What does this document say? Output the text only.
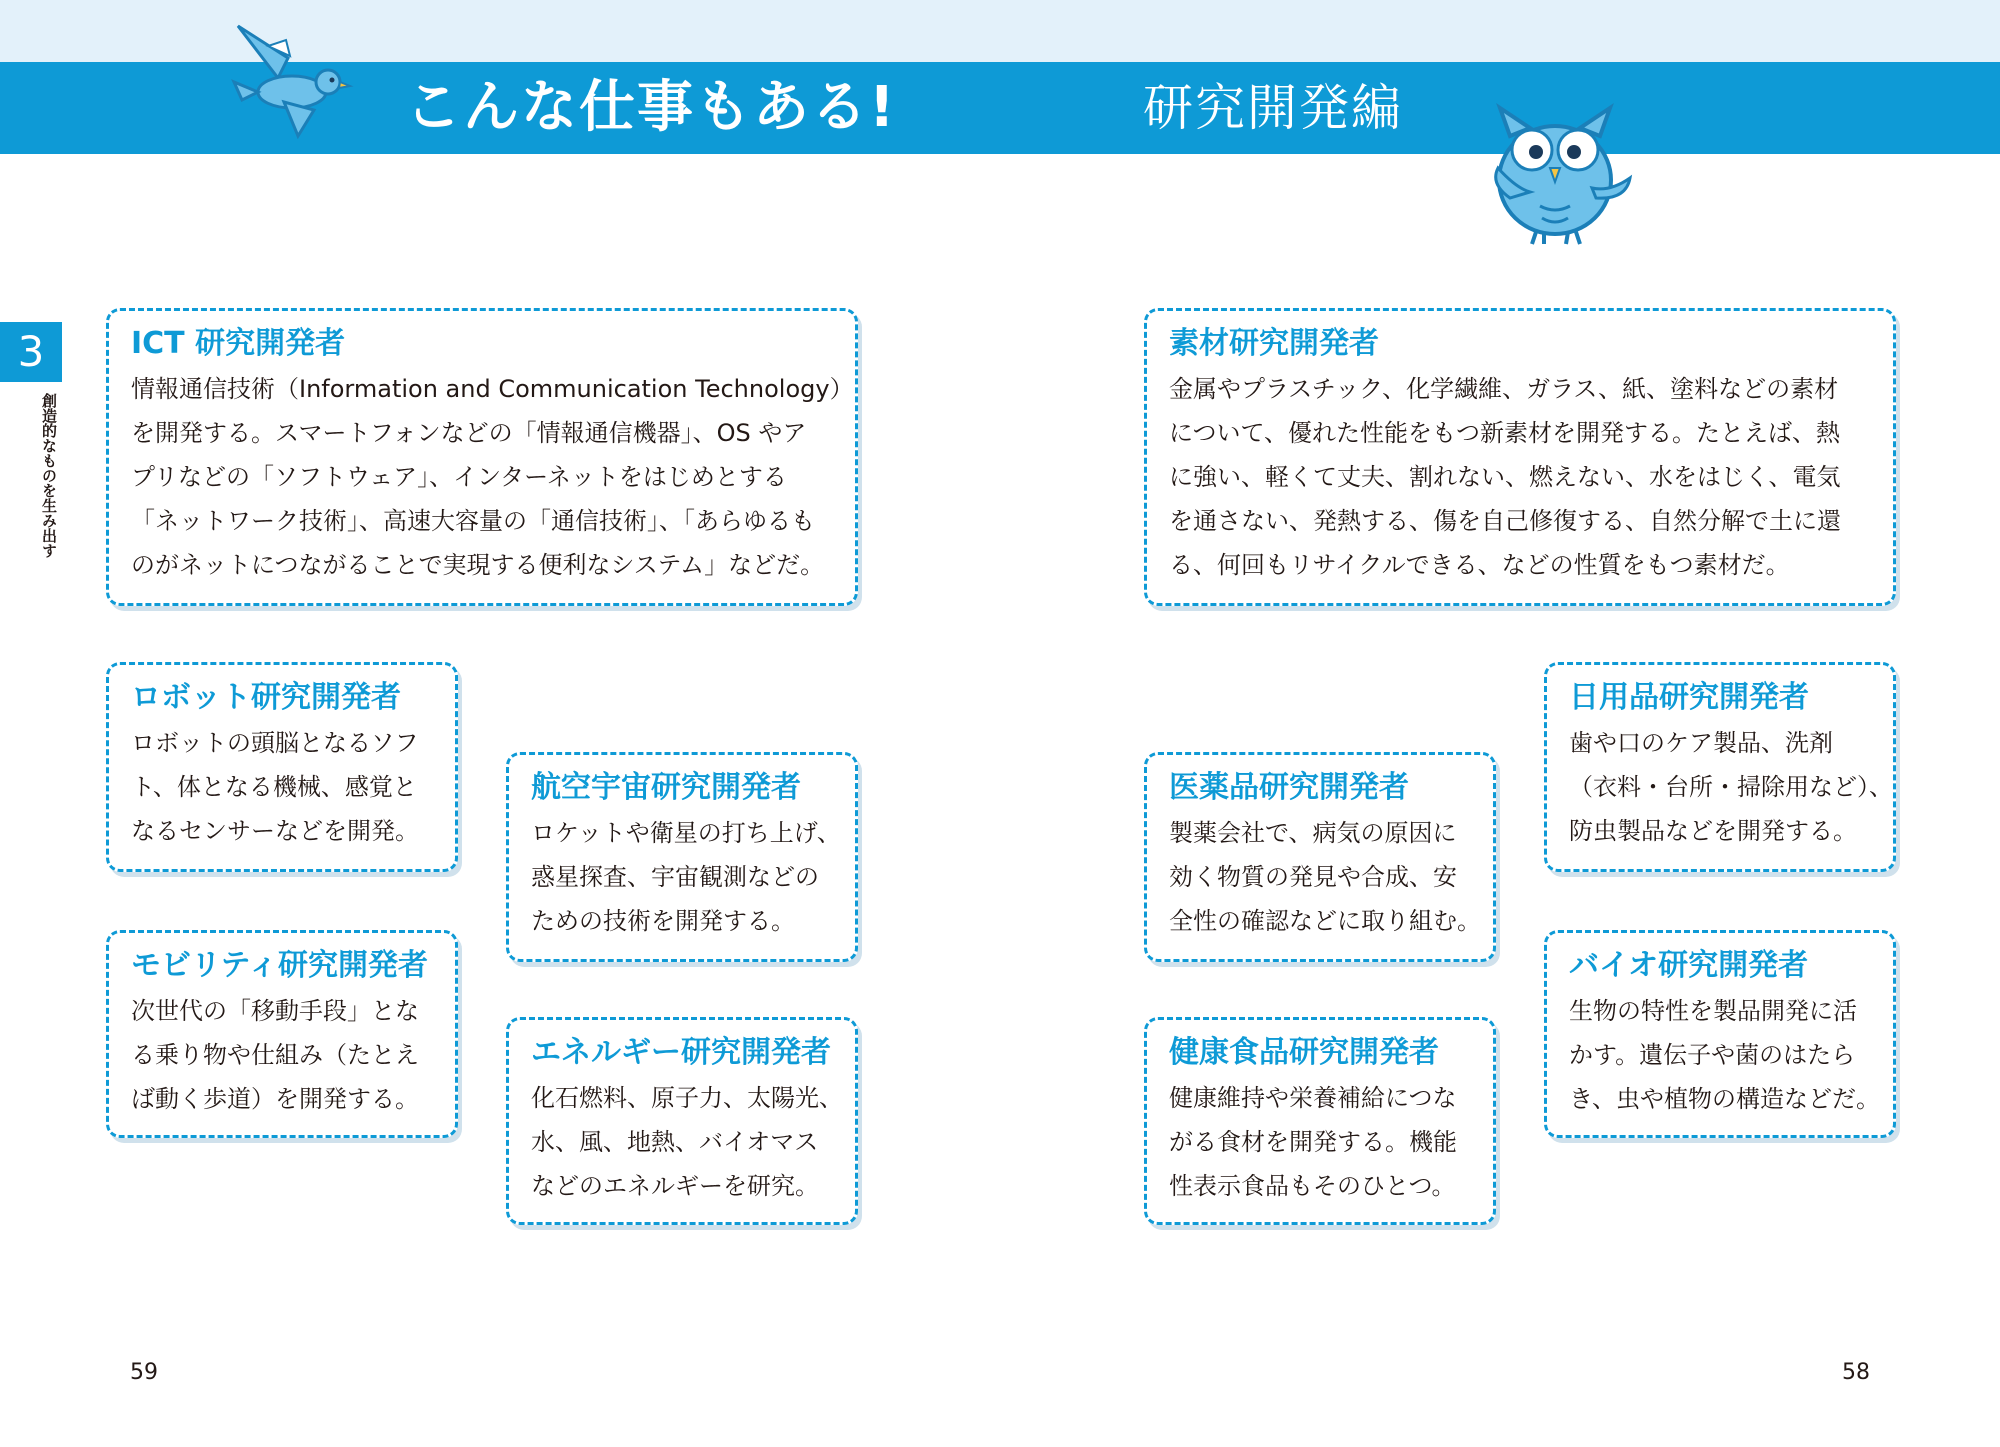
こんな仕事もある!	研究開発編
3
創造的なものを生み出す
ICT 研究開発者

情報通信技術（Information and Communication Technology）
を開発する。スマートフォンなどの「情報通信機器」、OS やア
プリなどの「ソフトウェア」、インターネットをはじめとする
「ネットワーク技術」、高速大容量の「通信技術」、「あらゆるも
のがネットにつながることで実現する便利なシステム」などだ。

ロボット研究開発者

ロボットの頭脳となるソフ
ト、体となる機械、感覚と
なるセンサーなどを開発。

航空宇宙研究開発者

ロケットや衛星の打ち上げ、
惑星探査、宇宙観測などの
ための技術を開発する。

モビリティ研究開発者

次世代の「移動手段」とな
る乗り物や仕組み（たとえ
ば動く歩道）を開発する。

エネルギー研究開発者

化石燃料、原子力、太陽光、
水、風、地熱、バイオマス
などのエネルギーを研究。

素材研究開発者

金属やプラスチック、化学繊維、ガラス、紙、塗料などの素材
について、優れた性能をもつ新素材を開発する。たとえば、熱
に強い、軽くて丈夫、割れない、燃えない、水をはじく、電気
を通さない、発熱する、傷を自己修復する、自然分解で土に還
る、何回もリサイクルできる、などの性質をもつ素材だ。

日用品研究開発者

歯や口のケア製品、洗剤
（衣料・台所・掃除用など）、
防虫製品などを開発する。

医薬品研究開発者

製薬会社で、病気の原因に
効く物質の発見や合成、安
全性の確認などに取り組む。

バイオ研究開発者

生物の特性を製品開発に活
かす。遺伝子や菌のはたら
き、虫や植物の構造などだ。

健康食品研究開発者

健康維持や栄養補給につな
がる食材を開発する。機能
性表示食品もそのひとつ。

59	58
